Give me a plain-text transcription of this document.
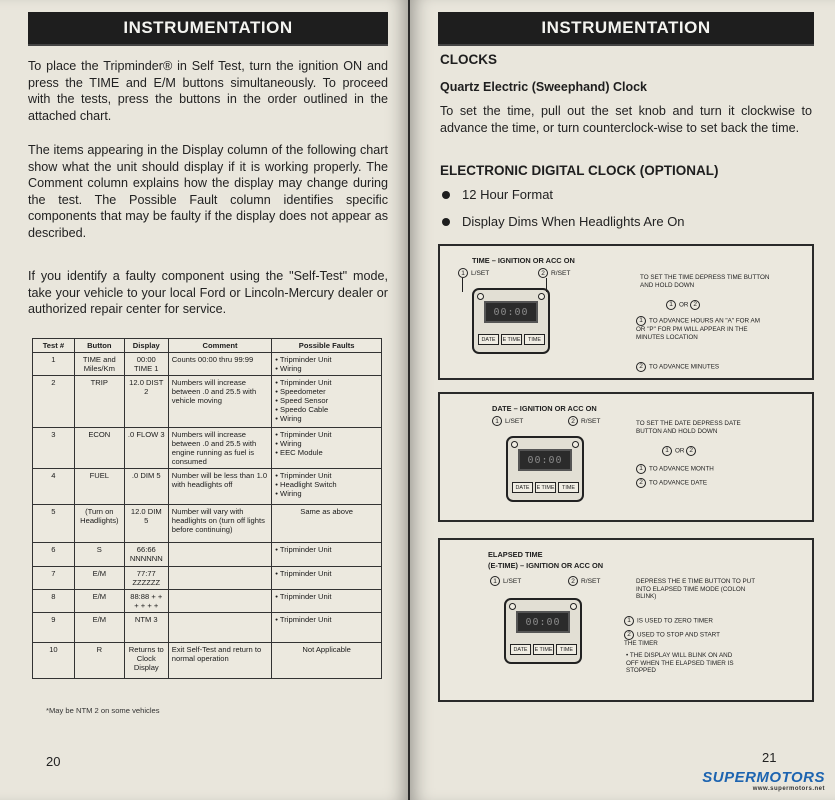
INSTRUMENTATION

To place the Tripminder® in Self Test, turn the ignition ON and press the TIME and E/M buttons simultaneously. To proceed with the tests, press the buttons in the order outlined in the attached chart.

The items appearing in the Display column of the following chart show what the unit should display if it is working properly. The Comment column explains how the display may change during the test. The Possible Fault column identifies specific components that may be faulty if the display does not appear as described.

If you identify a faulty component using the "Self-Test" mode, take your vehicle to your local Ford or Lincoln-Mercury dealer or authorized repair center for service.

Test #	Button	Display	Comment	Possible Faults
1	TIME and Miles/Km	00:00 TIME 1	Counts 00:00 thru 99:99	• Tripminder Unit
• Wiring

2	TRIP	12.0 DIST 2	Numbers will increase between .0 and 25.5 with vehicle moving	• Tripminder Unit
• Speedometer
• Speed Sensor
• Speedo Cable
• Wiring

3	ECON	.0 FLOW 3	Numbers will increase between .0 and 25.5 with engine running as fuel is consumed	• Tripminder Unit
• Wiring
• EEC Module

4	FUEL	.0 DIM 5	Number will be less than 1.0 with headlights off	• Tripminder Unit
• Headlight Switch
• Wiring

5	(Turn on Headlights)	12.0 DIM 5	Number will vary with headlights on (turn off lights before continuing)	Same as above

6	S	66:66 NNNNNN		• Tripminder Unit

7	E/M	77:77 ZZZZZZ		• Tripminder Unit

8	E/M	88:88 + + + + + +		• Tripminder Unit

9	E/M	NTM 3		• Tripminder Unit

10	R	Returns to Clock Display	Exit Self-Test and return to normal operation	Not Applicable
*May be NTM 2 on some vehicles
20
INSTRUMENTATION
CLOCKS
Quartz Electric (Sweephand) Clock

To set the time, pull out the set knob and turn it clockwise to advance the time, or turn counterclock-wise to set back the time.

ELECTRONIC DIGITAL CLOCK (OPTIONAL)
12 Hour Format
Display Dims When Headlights Are On
TIME – IGNITION OR ACC ON
1 L/SET	2 R/SET
00:00
DATE	E TIME	TIME
TO SET THE TIME DEPRESS TIME BUTTON AND HOLD DOWN
1 OR 2
1 TO ADVANCE HOURS AN "A" FOR AM OR "P" FOR PM WILL APPEAR IN THE MINUTES LOCATION
2 TO ADVANCE MINUTES
DATE – IGNITION OR ACC ON
1 L/SET	2 R/SET
00:00
DATE	E TIME	TIME
TO SET THE DATE DEPRESS DATE BUTTON AND HOLD DOWN
1 OR 2
1 TO ADVANCE MONTH
2 TO ADVANCE DATE
ELAPSED TIME
(E-TIME) – IGNITION OR ACC ON
1 L/SET	2 R/SET
00:00
DATE	E TIME	TIME
DEPRESS THE E TIME BUTTON TO PUT INTO ELAPSED TIME MODE (COLON BLINK)
1 IS USED TO ZERO TIMER
2 USED TO STOP AND START THE TIMER
• THE DISPLAY WILL BLINK ON AND OFF WHEN THE ELAPSED TIMER IS STOPPED
21
SUPERMOTORS
www.supermotors.net
